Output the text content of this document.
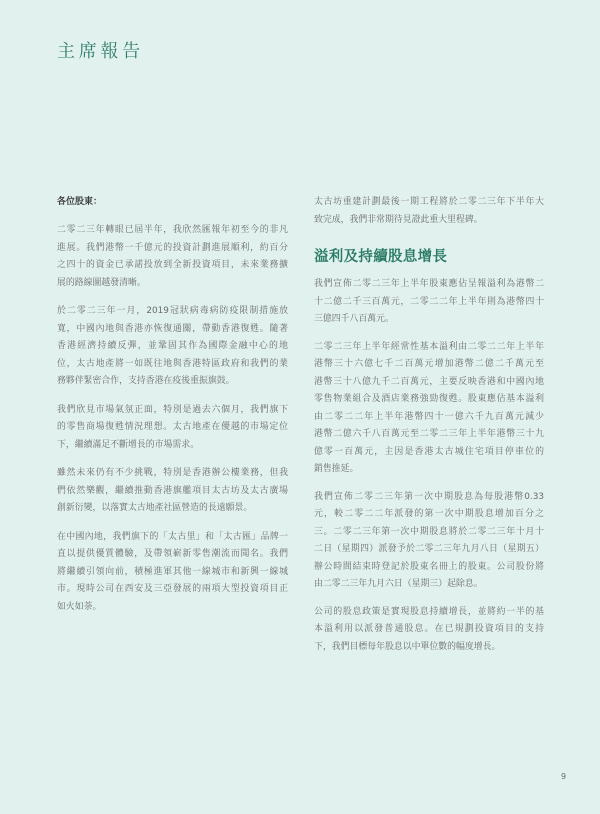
主席報告
各位股東：
二零二三年轉眼已屆半年，我欣然匯報年初至今的非凡
進展。我們港幣一千億元的投資計劃進展順利，約百分
之四十的資金已承諾投放到全新投資項目，未來業務擴
展的路線圖越發清晰。
於二零二三年一月，2019冠狀病毒病防疫限制措施放
寬，中國內地與香港亦恢復通關，帶動香港復甦。隨著
香港經濟持續反彈，並鞏固其作為國際金融中心的地
位，太古地產將一如既往地與香港特區政府和我們的業
務夥伴緊密合作，支持香港在疫後重振旗鼓。
我們欣見市場氣氛正面，特別是過去六個月，我們旗下
的零售商場復甦情況理想。太古地產在優越的市場定位
下，繼續滿足不斷增長的市場需求。
雖然未來仍有不少挑戰，特別是香港辦公樓業務，但我
們依然樂觀，繼續推動香港旗艦項目太古坊及太古廣場
創新衍變，以落實太古地產社區營造的長遠願景。
在中國內地，我們旗下的「太古里」和「太古匯」品牌一
直以提供優質體驗，及帶領嶄新零售潮流而聞名。我們
將繼續引領向前，積極進軍其他一線城市和新興一線城
市。現時公司在西安及三亞發展的兩項大型投資項目正
如火如荼。
太古坊重建計劃最後一期工程將於二零二三年下半年大
致完成，我們非常期待見證此重大里程碑。
溢利及持續股息增長
我們宣佈二零二三年上半年股東應佔呈報溢利為港幣二
十二億二千三百萬元，二零二二年上半年則為港幣四十
三億四千八百萬元。
二零二三年上半年經常性基本溢利由二零二二年上半年
港幣三十六億七千二百萬元增加港幣二億二千萬元至
港幣三十八億九千二百萬元，主要反映香港和中國內地
零售物業組合及酒店業務強勁復甦。股東應佔基本溢利
由二零二二年上半年港幣四十一億六千九百萬元減少
港幣二億六千八百萬元至二零二三年上半年港幣三十九
億零一百萬元，主因是香港太古城住宅項目停車位的
銷售推延。
我們宣佈二零二三年第一次中期股息為每股港幣0.33
元，較二零二二年派發的第一次中期股息增加百分之
三。二零二三年第一次中期股息將於二零二三年十月十
二日（星期四）派發予於二零二三年九月八日（星期五）
辦公時間結束時登記於股東名冊上的股東。公司股份將
由二零二三年九月六日（星期三）起除息。
公司的股息政策是實現股息持續增長，並將約一半的基
本溢利用以派發普通股息。在已規劃投資項目的支持
下，我們目標每年股息以中單位數的幅度增長。
9
